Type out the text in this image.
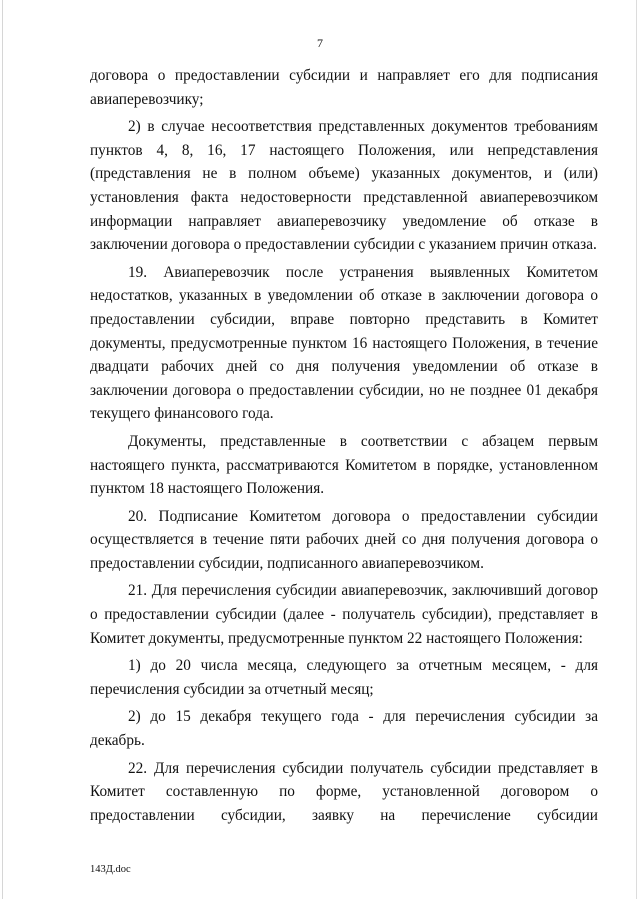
7

договора о предоставлении субсидии и направляет его для подписания авиаперевозчику;

2) в случае несоответствия представленных документов требованиям пунктов 4, 8, 16, 17 настоящего Положения, или непредставления (представления не в полном объеме) указанных документов, и (или) установления факта недостоверности представленной авиаперевозчиком информации направляет авиаперевозчику уведомление об отказе в заключении договора о предоставлении субсидии с указанием причин отказа.

19. Авиаперевозчик после устранения выявленных Комитетом недостатков, указанных в уведомлении об отказе в заключении договора о предоставлении субсидии, вправе повторно представить в Комитет документы, предусмотренные пунктом 16 настоящего Положения, в течение двадцати рабочих дней со дня получения уведомлении об отказе в заключении договора о предоставлении субсидии, но не позднее 01 декабря текущего финансового года.

Документы, представленные в соответствии с абзацем первым настоящего пункта, рассматриваются Комитетом в порядке, установленном пунктом 18 настоящего Положения.

20. Подписание Комитетом договора о предоставлении субсидии осуществляется в течение пяти рабочих дней со дня получения договора о предоставлении субсидии, подписанного авиаперевозчиком.

21. Для перечисления субсидии авиаперевозчик, заключивший договор о предоставлении субсидии (далее - получатель субсидии), представляет в Комитет документы, предусмотренные пунктом 22 настоящего Положения:

1) до 20 числа месяца, следующего за отчетным месяцем, - для перечисления субсидии за отчетный месяц;

2) до 15 декабря текущего года - для перечисления субсидии за декабрь.

22. Для перечисления субсидии получатель субсидии представляет в Комитет составленную по форме, установленной договором о предоставлении субсидии, заявку на перечисление субсидии

143Д.doc
